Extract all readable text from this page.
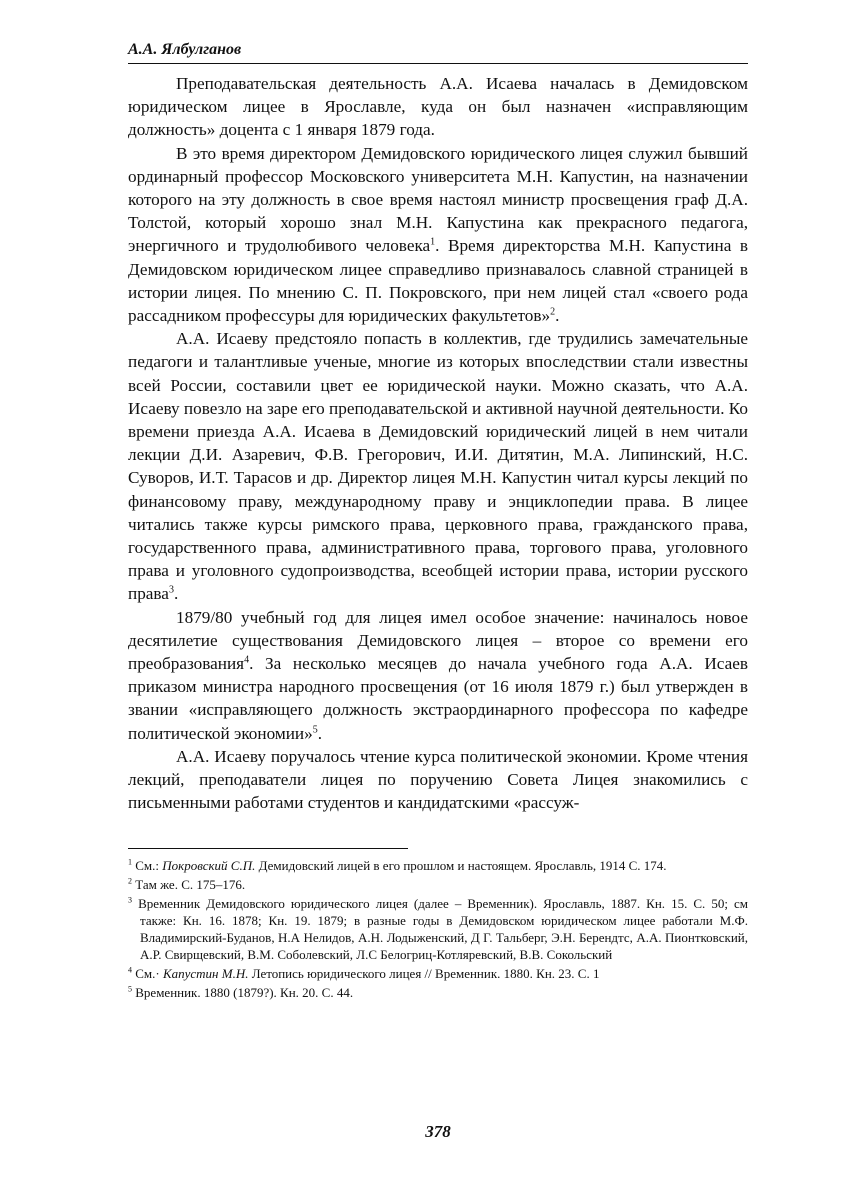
А.А. Ялбулганов

Преподавательская деятельность А.А. Исаева началась в Демидовском юридическом лицее в Ярославле, куда он был назначен «исправляющим должность» доцента с 1 января 1879 года.

В это время директором Демидовского юридического лицея служил бывший ординарный профессор Московского университета М.Н. Капустин, на назначении которого на эту должность в свое время настоял министр просвещения граф Д.А. Толстой, который хорошо знал М.Н. Капустина как прекрасного педагога, энергичного и трудолюбивого человека$^1$. Время директорства М.Н. Капустина в Демидовском юридическом лицее справедливо признавалось славной страницей в истории лицея. По мнению С. П. Покровского, при нем лицей стал «своего рода рассадником профессуры для юридических факультетов»$^2$.

А.А. Исаеву предстояло попасть в коллектив, где трудились замечательные педагоги и талантливые ученые, многие из которых впоследствии стали известны всей России, составили цвет ее юридической науки. Можно сказать, что А.А. Исаеву повезло на заре его преподавательской и активной научной деятельности. Ко времени приезда А.А. Исаева в Демидовский юридический лицей в нем читали лекции Д.И. Азаревич, Ф.В. Грегорович, И.И. Дитятин, М.А. Липинский, Н.С. Суворов, И.Т. Тарасов и др. Директор лицея М.Н. Капустин читал курсы лекций по финансовому праву, международному праву и энциклопедии права. В лицее читались также курсы римского права, церковного права, гражданского права, государственного права, административного права, торгового права, уголовного права и уголовного судопроизводства, всеобщей истории права, истории русского права$^3$.

1879/80 учебный год для лицея имел особое значение: начиналось новое десятилетие существования Демидовского лицея – второе со времени его преобразования$^4$. За несколько месяцев до начала учебного года А.А. Исаев приказом министра народного просвещения (от 16 июля 1879 г.) был утвержден в звании «исправляющего должность экстраординарного профессора по кафедре политической экономии»$^5$.

А.А. Исаеву поручалось чтение курса политической экономии. Кроме чтения лекций, преподаватели лицея по поручению Совета Лицея знакомились с письменными работами студентов и кандидатскими «рассуж-

$^1$ См.: Покровский С.П. Демидовский лицей в его прошлом и настоящем. Ярославль, 1914 С. 174.
$^2$ Там же. С. 175–176.
$^3$ Временник Демидовского юридического лицея (далее – Временник). Ярославль, 1887. Кн. 15. С. 50; см также: Кн. 16. 1878; Кн. 19. 1879; в разные годы в Демидовском юридическом лицее работали М.Ф. Владимирский-Буданов, Н.А Нелидов, А.Н. Лодыженский, Д Г. Тальберг, Э.Н. Берендтс, А.А. Пионтковский, А.Р. Свирщевский, В.М. Соболевский, Л.С Белогриц-Котляревский, В.В. Сокольский
$^4$ См.· Капустин М.Н. Летопись юридического лицея // Временник. 1880. Кн. 23. С. 1
$^5$ Временник. 1880 (1879?). Кн. 20. С. 44.
378
